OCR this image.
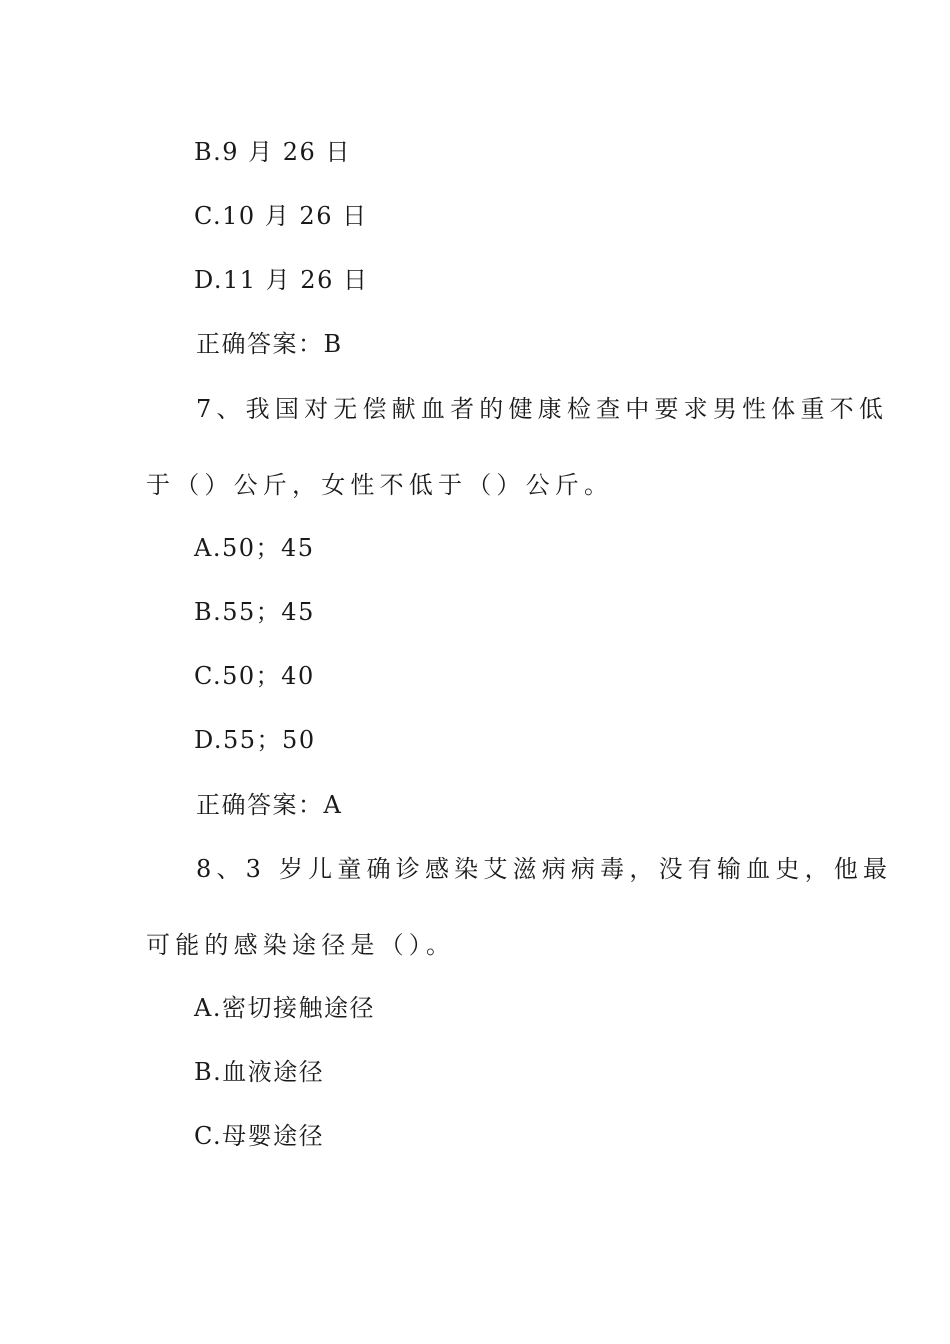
B.9 月 26 日
C.10 月 26 日
D.11 月 26 日
正确答案：B
7、我国对无偿献血者的健康检查中要求男性体重不低
于（）公斤，女性不低于（）公斤。
A.50；45
B.55；45
C.50；40
D.55；50
正确答案：A
8、3 岁儿童确诊感染艾滋病病毒，没有输血史，他最
可能的感染途径是（）。
A.密切接触途径
B.血液途径
C.母婴途径
